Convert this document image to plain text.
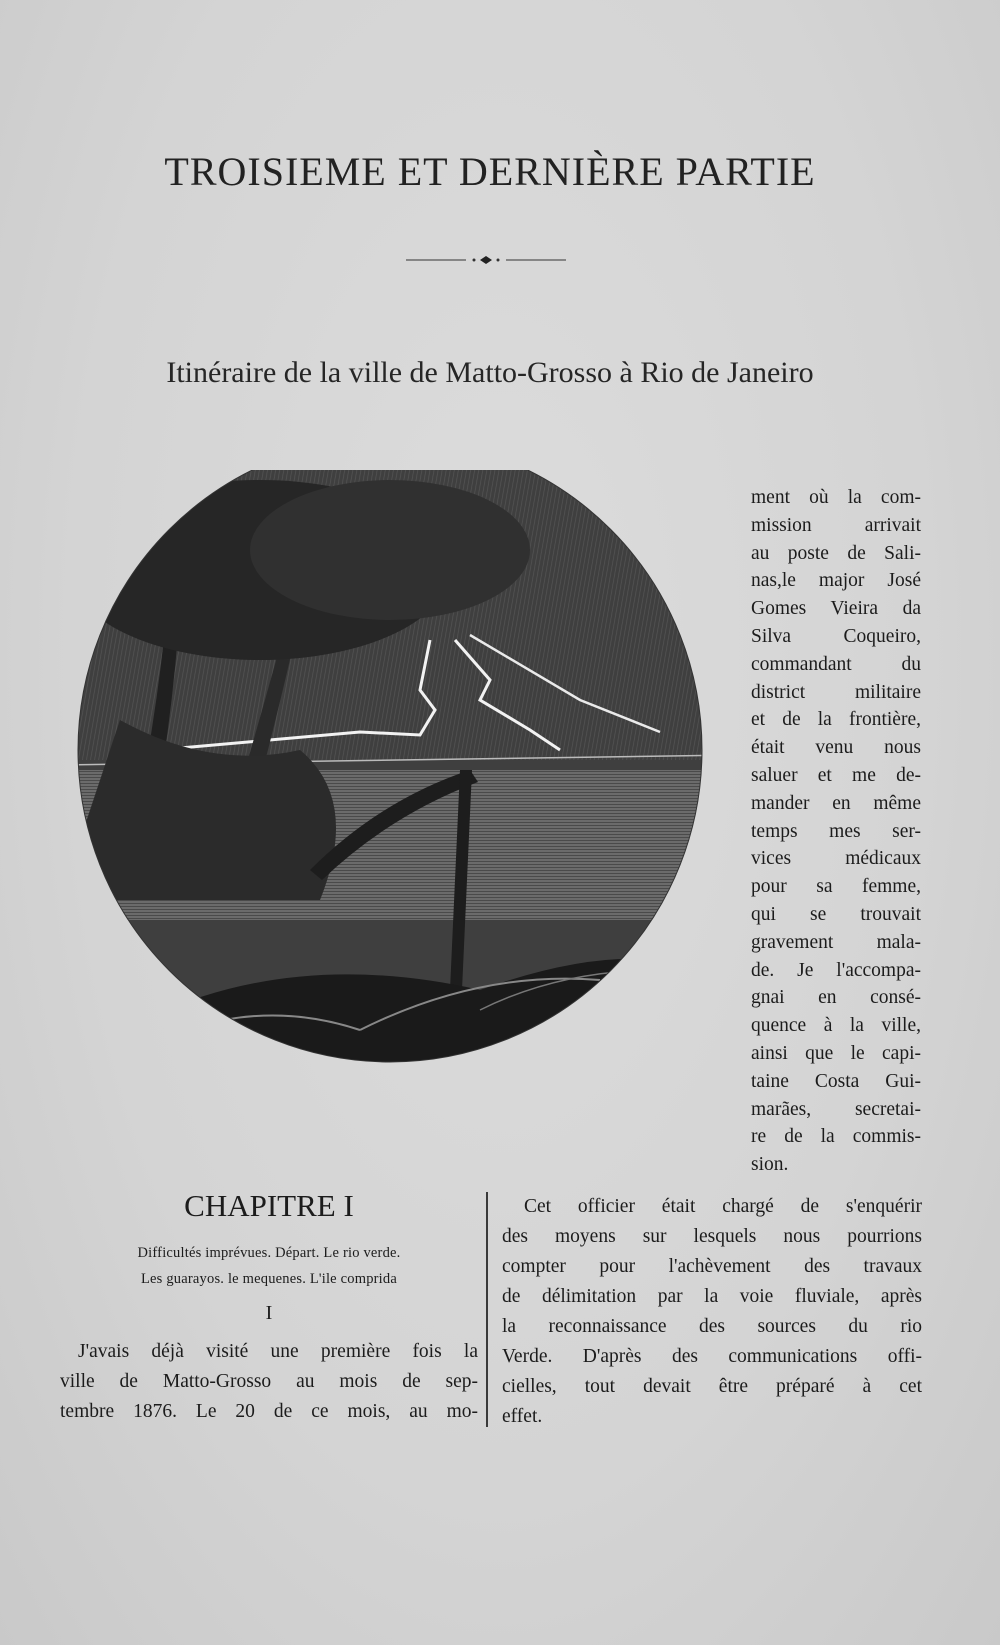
TROISIEME ET DERNIÈRE PARTIE
Itinéraire de la ville de Matto-Grosso à Rio de Janeiro
ment où la com-
mission arrivait
au poste de Sali-
nas,le major José
Gomes Vieira da
Silva Coqueiro,
commandant du
district militaire
et de la frontière,
était venu nous
saluer et me de-
mander en même
temps mes ser-
vices médicaux
pour sa femme,
qui se trouvait
gravement mala-
de. Je l'accompa-
gnai en consé-
quence à la ville,
ainsi que le capi-
taine Costa Gui-
marães, secretai-
re de la commis-
sion.
CHAPITRE I
Difficultés imprévues. Départ. Le rio verde.
Les guarayos. le mequenes. L'ile comprida
I
J'avais déjà visité une première fois la
ville de Matto-Grosso au mois de sep-
tembre 1876. Le 20 de ce mois, au mo-
Cet officier était chargé de s'enquérir
des moyens sur lesquels nous pourrions
compter pour l'achèvement des travaux
de délimitation par la voie fluviale, après
la reconnaissance des sources du rio
Verde. D'après des communications offi-
cielles, tout devait être préparé à cet
effet.
